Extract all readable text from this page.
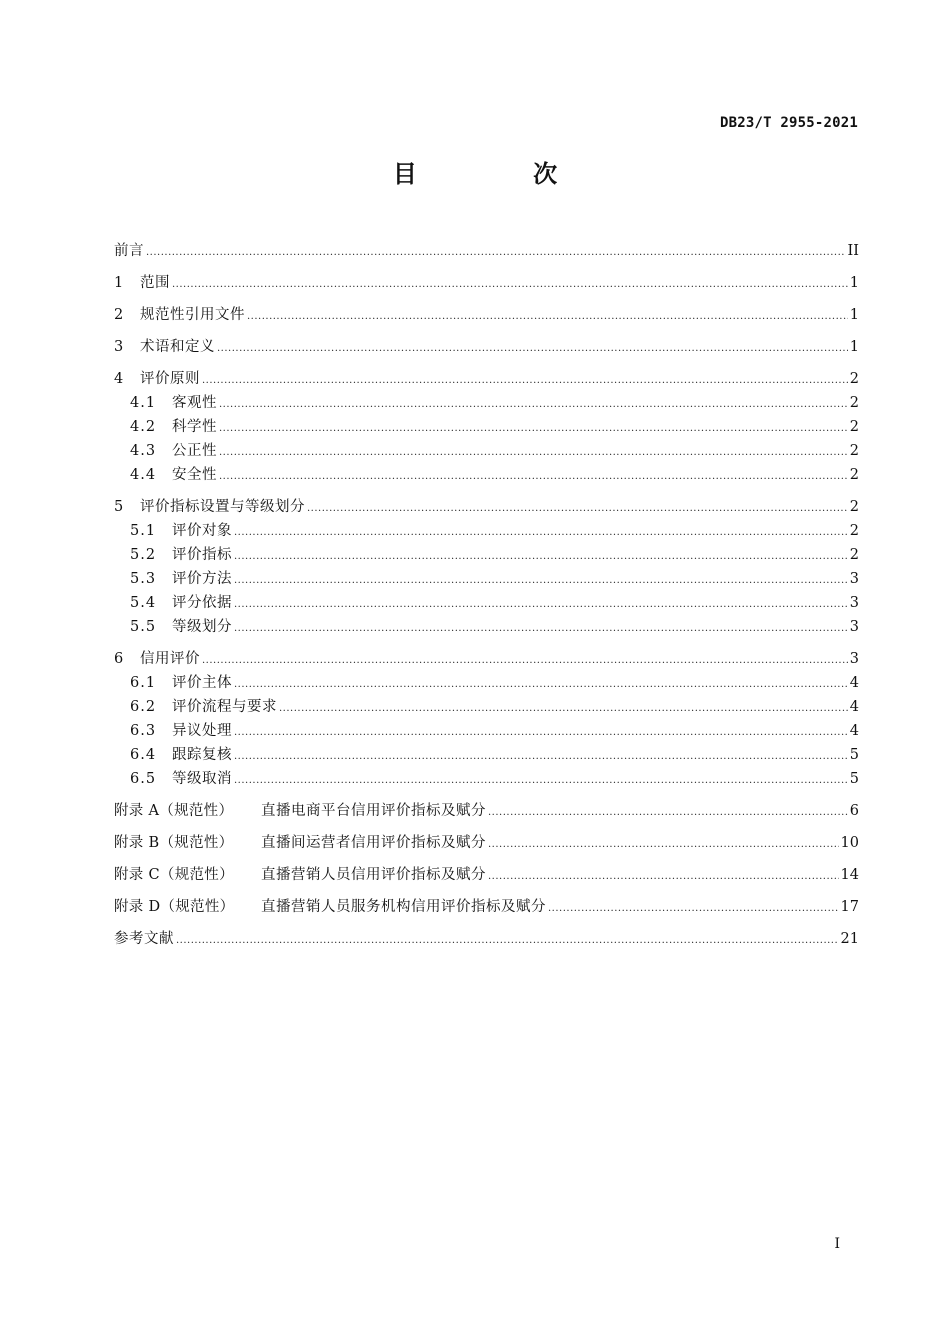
DB23/T 2955-2021
目 次
前言 .....	II
1	范围 .....	1
2	规范性引用文件 .....	1
3	术语和定义 .....	1
4	评价原则 .....	2
4.1	客观性 .....	2
4.2	科学性 .....	2
4.3	公正性 .....	2
4.4	安全性 .....	2
5	评价指标设置与等级划分 .....	2
5.1	评价对象 .....	2
5.2	评价指标 .....	2
5.3	评价方法 .....	3
5.4	评分依据 .....	3
5.5	等级划分 .....	3
6	信用评价 .....	3
6.1	评价主体 .....	4
6.2	评价流程与要求 .....	4
6.3	异议处理 .....	4
6.4	跟踪复核 .....	5
6.5	等级取消 .....	5
附录 A（规范性）	直播电商平台信用评价指标及赋分 .....	6
附录 B（规范性）	直播间运营者信用评价指标及赋分 .....	10
附录 C（规范性）	直播营销人员信用评价指标及赋分 .....	14
附录 D（规范性）	直播营销人员服务机构信用评价指标及赋分 .....	17
参考文献 .....	21
I
